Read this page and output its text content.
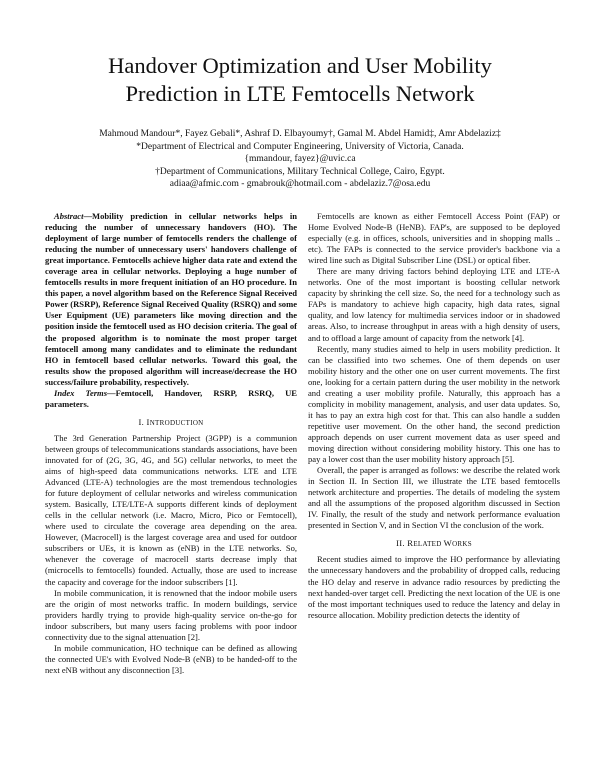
Handover Optimization and User Mobility
Prediction in LTE Femtocells Network
Mahmoud Mandour*, Fayez Gebali*, Ashraf D. Elbayoumy†, Gamal M. Abdel Hamid‡, Amr Abdelaziz‡
*Department of Electrical and Computer Engineering, University of Victoria, Canada.
{mmandour, fayez}@uvic.ca
†Department of Communications, Military Technical College, Cairo, Egypt.
adiaa@afmic.com - gmabrouk@hotmail.com - abdelaziz.7@osa.edu

Abstract—Mobility prediction in cellular networks helps in reducing the number of unnecessary handovers (HO). The deployment of large number of femtocells renders the challenge of reducing the number of unnecessary users' handovers challenge of great importance. Femtocells achieve higher data rate and extend the coverage area in cellular networks. Deploying a huge number of femtocells results in more frequent initiation of an HO procedure. In this paper, a novel algorithm based on the Reference Signal Received Power (RSRP), Reference Signal Received Quality (RSRQ) and some User Equipment (UE) parameters like moving direction and the position inside the femtocell used as HO decision criteria. The goal of the proposed algorithm is to nominate the most proper target femtocell among many candidates and to eliminate the redundant HO in femtocell based cellular networks. Toward this goal, the results show the proposed algorithm will increase/decrease the HO success/failure probability, respectively.

Index Terms—Femtocell, Handover, RSRP, RSRQ, UE parameters.

I. INTRODUCTION

The 3rd Generation Partnership Project (3GPP) is a communion between groups of telecommunications standards associations, have been innovated for of (2G, 3G, 4G, and 5G) cellular networks, to meet the aims of high-speed data communications networks. LTE and LTE Advanced (LTE-A) technologies are the most tremendous technologies for future deployment of cellular networks and wireless communication system. Basically, LTE/LTE-A supports different kinds of deployment cells in the cellular network (i.e. Macro, Micro, Pico or Femtocell), where used to circulate the coverage area depending on the area. However, (Macrocell) is the largest coverage area and used for outdoor subscribers or UEs, it is known as (eNB) in the LTE networks. So, whenever the coverage of macrocell starts decrease imply that (microcells to femtocells) founded. Actually, those are used to increase the capacity and coverage for the indoor subscribers [1].

In mobile communication, it is renowned that the indoor mobile users are the origin of most networks traffic. In modern buildings, service providers hardly trying to provide high-quality service on-the-go for indoor subscribers, but many users facing problems with poor indoor connectivity due to the signal attenuation [2].

In mobile communication, HO technique can be defined as allowing the connected UE's with Evolved Node-B (eNB) to be handed-off to the next eNB without any disconnection [3].

Femtocells are known as either Femtocell Access Point (FAP) or Home Evolved Node-B (HeNB). FAP's, are supposed to be deployed especially (e.g. in offices, schools, universities and in shopping malls .. etc). The FAPs is connected to the service provider's backbone via a wired line such as Digital Subscriber Line (DSL) or optical fiber.

There are many driving factors behind deploying LTE and LTE-A networks. One of the most important is boosting cellular network capacity by shrinking the cell size. So, the need for a technology such as FAPs is mandatory to achieve high capacity, high data rates, signal quality, and low latency for multimedia services indoor or in shadowed areas. Also, to increase throughput in areas with a high density of users, and to offload a large amount of capacity from the network [4].

Recently, many studies aimed to help in users mobility prediction. It can be classified into two schemes. One of them depends on user mobility history and the other one on user current movements. The first one, looking for a certain pattern during the user mobility in the network and creating a user mobility profile. Naturally, this approach has a complicity in mobility management, analysis, and user data updates. So, it has to pay an extra high cost for that. This can also handle a sudden repetitive user movement. On the other hand, the second prediction approach depends on user current movement data as user speed and moving direction without considering mobility history. This one has to pay a lower cost than the user mobility history approach [5].

Overall, the paper is arranged as follows: we describe the related work in Section II. In Section III, we illustrate the LTE based femtocells network architecture and properties. The details of modeling the system and all the assumptions of the proposed algorithm discussed in Section IV. Finally, the result of the study and network performance evaluation presented in Section V, and in Section VI the conclusion of the work.

II. RELATED WORKS

Recent studies aimed to improve the HO performance by alleviating the unnecessary handovers and the probability of dropped calls, reducing the HO delay and reserve in advance radio resources by predicting the next handed-over target cell. Predicting the next location of the UE is one of the most important techniques used to reduce the latency and delay in resource allocation. Mobility prediction detects the identity of
